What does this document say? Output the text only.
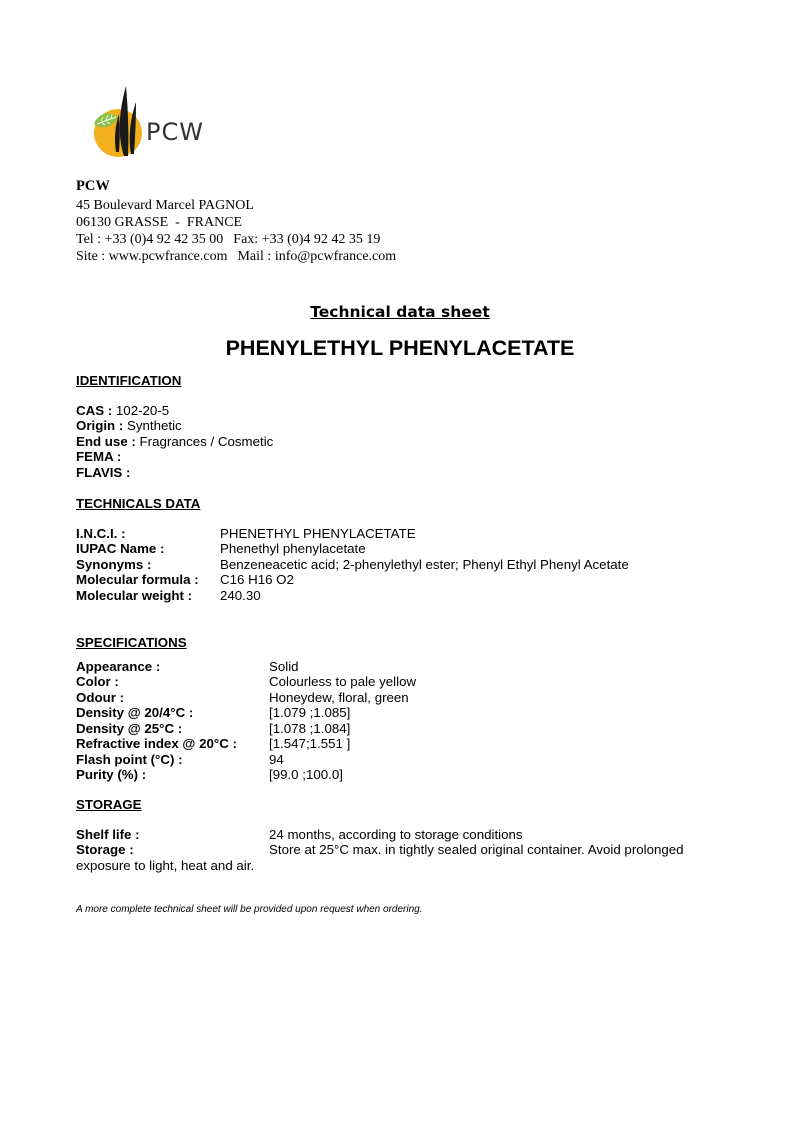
PCW
PCW
45 Boulevard Marcel PAGNOL
06130 GRASSE  -  FRANCE
Tel : +33 (0)4 92 42 35 00 Fax: +33 (0)4 92 42 35 19
Site : www.pcwfrance.com Mail : info@pcwfrance.com
Technical data sheet
PHENYLETHYL PHENYLACETATE
IDENTIFICATION
CAS : 102-20-5
Origin : Synthetic
End use : Fragrances / Cosmetic
FEMA :
FLAVIS :
TECHNICALS DATA
I.N.C.I. :	PHENETHYL PHENYLACETATE
IUPAC Name :	Phenethyl phenylacetate
Synonyms :	Benzeneacetic acid; 2-phenylethyl ester; Phenyl Ethyl Phenyl Acetate
Molecular formula :	C16 H16 O2
Molecular weight :	240.30
SPECIFICATIONS
Appearance :	Solid
Color :	Colourless to pale yellow
Odour :	Honeydew, floral, green
Density @ 20/4°C :	[1.079 ;1.085]
Density @ 25°C :	[1.078 ;1.084]
Refractive index @ 20°C :	[1.547;1.551 ]
Flash point (°C) :	94
Purity (%) :	[99.0 ;100.0]
STORAGE
Shelf life :	24 months, according to storage conditions
Storage :	Store at 25°C max. in tightly sealed original container. Avoid prolonged
exposure to light, heat and air.
A more complete technical sheet will be provided upon request when ordering.
